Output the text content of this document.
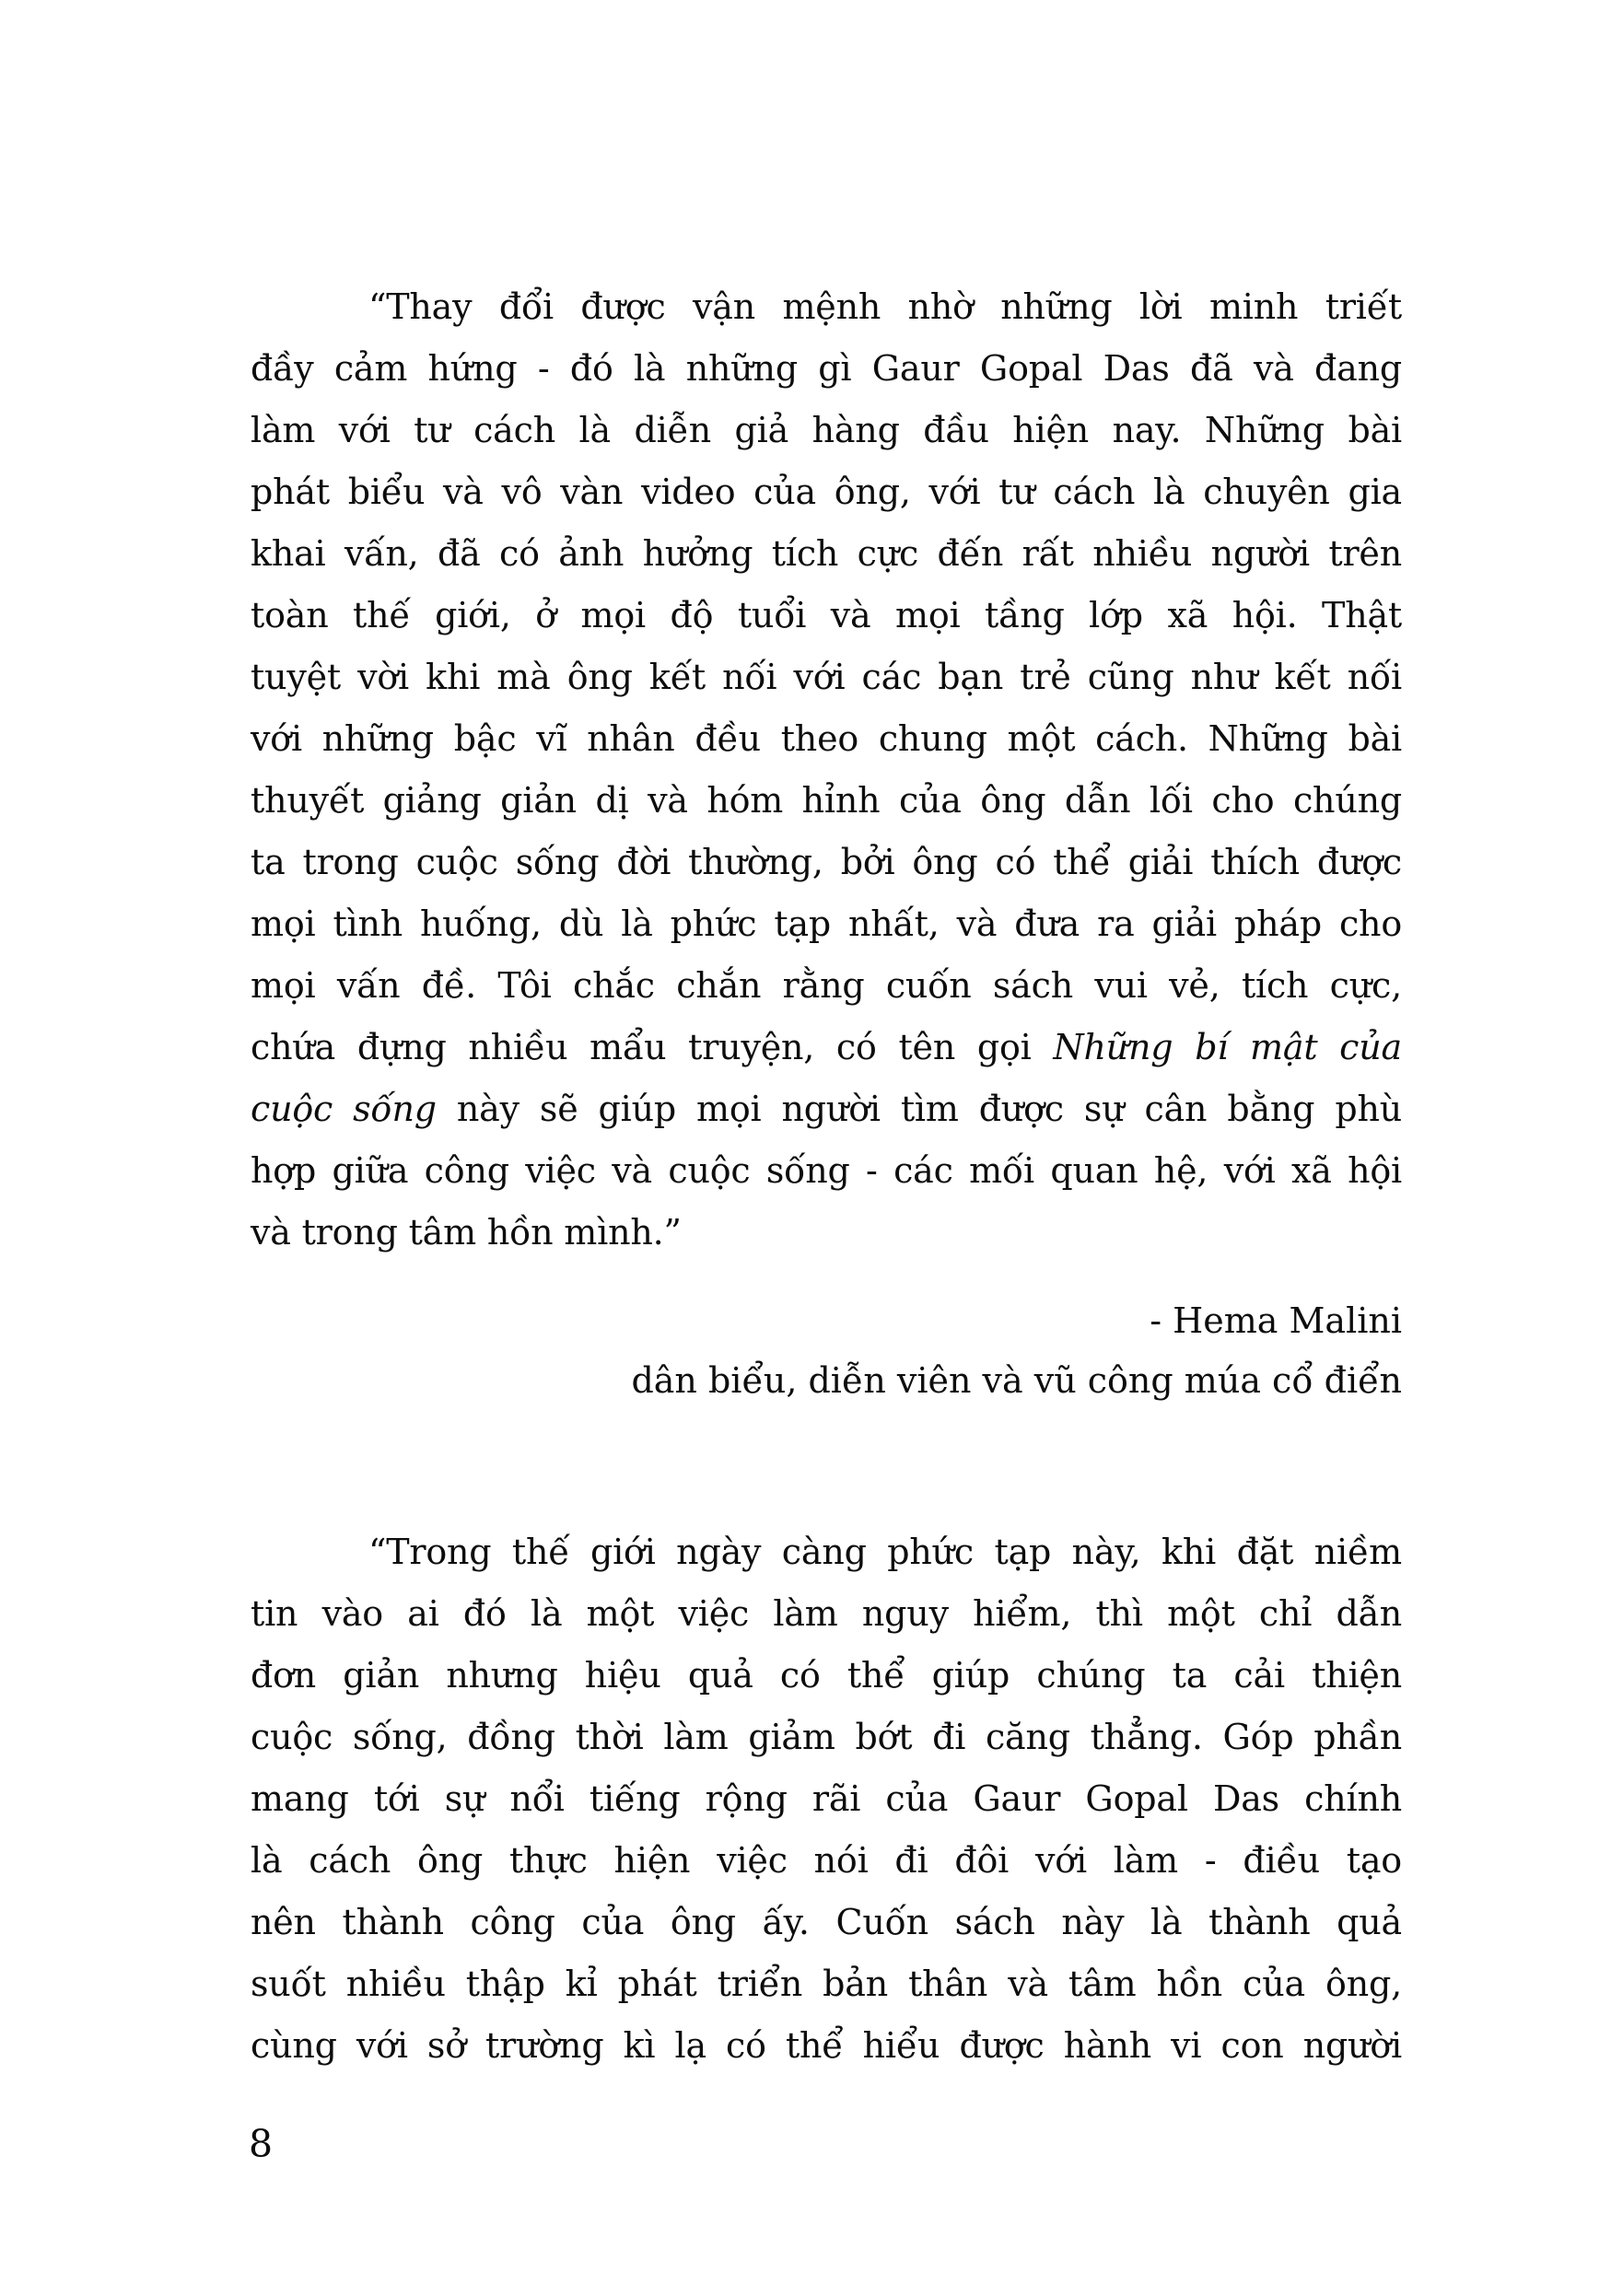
“Thay đổi được vận mệnh nhờ những lời minh triết
đầy cảm hứng - đó là những gì Gaur Gopal Das đã và đang
làm với tư cách là diễn giả hàng đầu hiện nay. Những bài
phát biểu và vô vàn video của ông, với tư cách là chuyên gia
khai vấn, đã có ảnh hưởng tích cực đến rất nhiều người trên
toàn thế giới, ở mọi độ tuổi và mọi tầng lớp xã hội. Thật
tuyệt vời khi mà ông kết nối với các bạn trẻ cũng như kết nối
với những bậc vĩ nhân đều theo chung một cách. Những bài
thuyết giảng giản dị và hóm hỉnh của ông dẫn lối cho chúng
ta trong cuộc sống đời thường, bởi ông có thể giải thích được
mọi tình huống, dù là phức tạp nhất, và đưa ra giải pháp cho
mọi vấn đề. Tôi chắc chắn rằng cuốn sách vui vẻ, tích cực,
chứa đựng nhiều mẩu truyện, có tên gọi Những bí mật của
cuộc sống này sẽ giúp mọi người tìm được sự cân bằng phù
hợp giữa công việc và cuộc sống - các mối quan hệ, với xã hội
và trong tâm hồn mình.”
- Hema Malini
dân biểu, diễn viên và vũ công múa cổ điển
“Trong thế giới ngày càng phức tạp này, khi đặt niềm
tin vào ai đó là một việc làm nguy hiểm, thì một chỉ dẫn
đơn giản nhưng hiệu quả có thể giúp chúng ta cải thiện
cuộc sống, đồng thời làm giảm bớt đi căng thẳng. Góp phần
mang tới sự nổi tiếng rộng rãi của Gaur Gopal Das chính
là cách ông thực hiện việc nói đi đôi với làm - điều tạo
nên thành công của ông ấy. Cuốn sách này là thành quả
suốt nhiều thập kỉ phát triển bản thân và tâm hồn của ông,
cùng với sở trường kì lạ có thể hiểu được hành vi con người
8
